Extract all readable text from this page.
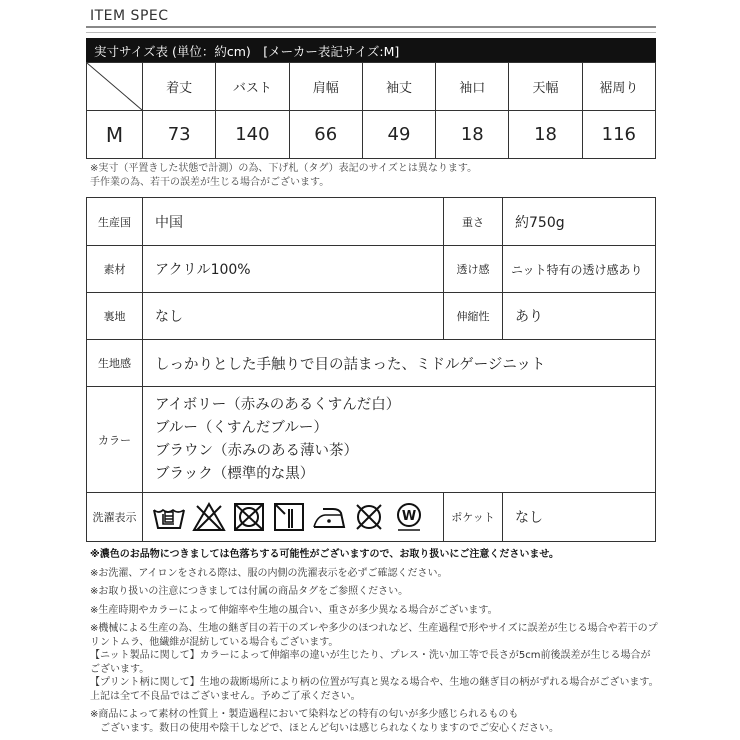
ITEM SPEC
実寸サイズ表 (単位：約cm)　[メーカー表記サイズ:M]
	着丈	バスト	肩幅	袖丈	袖口	天幅	裾周り
M	73	140	66	49	18	18	116
※実寸（平置きした状態で計測）の為、下げ札（タグ）表記のサイズとは異なります。
手作業の為、若干の誤差が生じる場合がございます。
生産国	中国	重さ	約750g
素材	アクリル100%	透け感	ニット特有の透け感あり
裏地	なし	伸縮性	あり
生地感	しっかりとした手触りで目の詰まった、ミドルゲージニット
カラー
アイボリー（赤みのあるくすんだ白）
ブルー（くすんだブルー）
ブラウン（赤みのある薄い茶）
ブラック（標準的な黒）
洗濯表示	W	ポケット	なし

※濃色のお品物につきましては色落ちする可能性がございますので、お取り扱いにご注意くださいませ。

※お洗濯、アイロンをされる際は、服の内側の洗濯表示を必ずご確認ください。

※お取り扱いの注意につきましては付属の商品タグをご参照ください。

※生産時期やカラーによって伸縮率や生地の風合い、重さが多少異なる場合がございます。

※機械による生産の為、生地の継ぎ目の若干のズレや多少のほつれなど、生産過程で形やサイズに誤差が生じる場合や若干のプリントムラ、他繊維が混紡している場合もございます。
【ニット製品に関して】カラーによって伸縮率の違いが生じたり、プレス・洗い加工等で長さが5cm前後誤差が生じる場合がございます。
【プリント柄に関して】生地の裁断場所により柄の位置が写真と異なる場合や、生地の継ぎ目の柄がずれる場合がございます。
上記は全て不良品ではございません。予めご了承ください。

※商品によって素材の性質上・製造過程において染料などの特有の匂いが多少感じられるものも
　ございます。数日の使用や陰干しなどで、ほとんど匂いは感じられなくなりますのでご安心ください。
